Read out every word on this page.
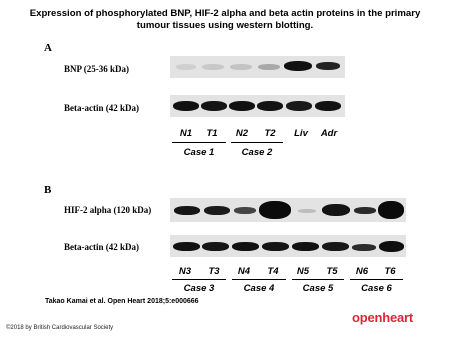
Expression of phosphorylated BNP, HIF-2 alpha and beta actin proteins in the primary tumour tissues using western blotting.
A
BNP (25-36 kDa)
Beta-actin (42 kDa)
N1	T1	N2	T2	Liv	Adr
Case 1	Case 2
B
HIF-2 alpha (120 kDa)
Beta-actin (42 kDa)
N3	T3	N4	T4	N5	T5	N6	T6
Case 3	Case 4	Case 5	Case 6
Takao Kamai et al. Open Heart 2018;5:e000666
©2018 by British Cardiovascular Society
openheart
